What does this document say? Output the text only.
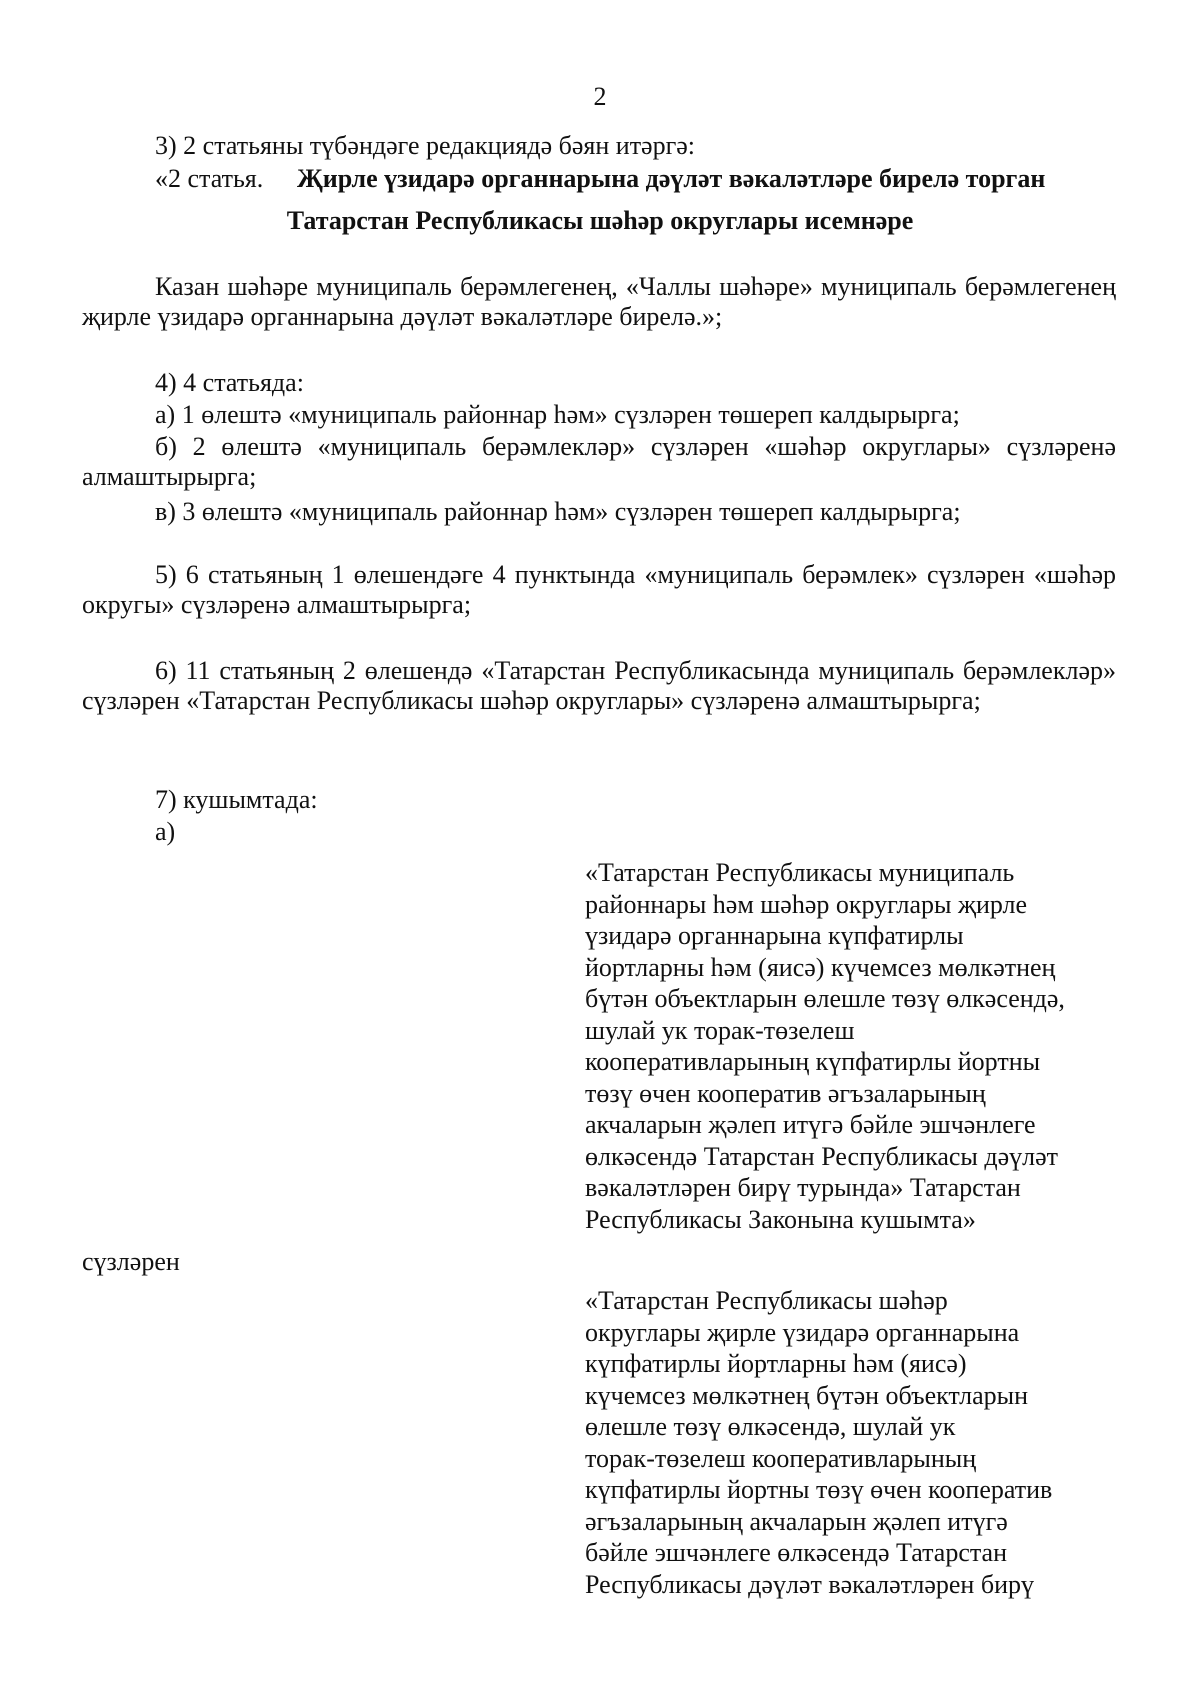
2
3) 2 статьяны түбәндәге редакциядә бәян итәргә:
«2 статья. Җирле үзидарә органнарына дәүләт вәкаләтләре бирелә торган
Татарстан Республикасы шәһәр округлары исемнәре
Казан шәһәре муниципаль берәмлегенең, «Чаллы шәһәре» муниципаль берәмлегенең җирле үзидарә органнарына дәүләт вәкаләтләре бирелә.»;
4) 4 статьяда:
а) 1 өлештә «муниципаль районнар һәм» сүзләрен төшереп калдырырга;
б) 2 өлештә «муниципаль берәмлекләр» сүзләрен «шәһәр округлары» сүзләренә алмаштырырга;
в) 3 өлештә «муниципаль районнар һәм» сүзләрен төшереп калдырырга;
5) 6 статьяның 1 өлешендәге 4 пунктында «муниципаль берәмлек» сүзләрен «шәһәр округы» сүзләренә алмаштырырга;
6) 11 статьяның 2 өлешендә «Татарстан Республикасында муниципаль берәмлекләр» сүзләрен «Татарстан Республикасы шәһәр округлары» сүзләренә алмаштырырга;
7) кушымтада:
а)
«Татарстан Республикасы муниципаль
районнары һәм шәһәр округлары җирле
үзидарә органнарына күпфатирлы
йортларны һәм (яисә) күчемсез мөлкәтнең
бүтән объектларын өлешле төзү өлкәсендә,
шулай ук торак-төзелеш
кооперативларының күпфатирлы йортны
төзү өчен кооператив әгъзаларының
акчаларын җәлеп итүгә бәйле эшчәнлеге
өлкәсендә Татарстан Республикасы дәүләт
вәкаләтләрен бирү турында» Татарстан
Республикасы Законына кушымта»
сүзләрен
«Татарстан Республикасы шәһәр
округлары җирле үзидарә органнарына
күпфатирлы йортларны һәм (яисә)
күчемсез мөлкәтнең бүтән объектларын
өлешле төзү өлкәсендә, шулай ук
торак-төзелеш кооперативларының
күпфатирлы йортны төзү өчен кооператив
әгъзаларының акчаларын җәлеп итүгә
бәйле эшчәнлеге өлкәсендә Татарстан
Республикасы дәүләт вәкаләтләрен бирү
